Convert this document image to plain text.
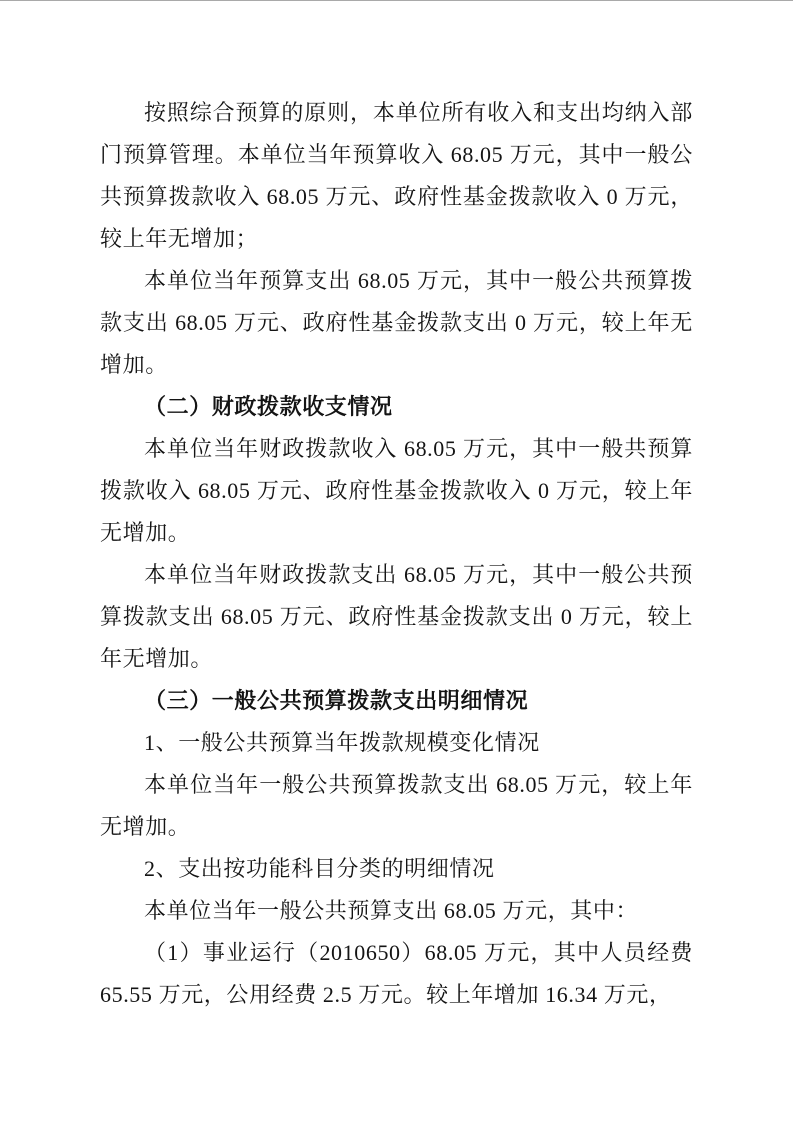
按照综合预算的原则，本单位所有收入和支出均纳入部门预算管理。本单位当年预算收入 68.05 万元，其中一般公共预算拨款收入 68.05 万元、政府性基金拨款收入 0 万元，较上年无增加；

本单位当年预算支出 68.05 万元，其中一般公共预算拨款支出 68.05 万元、政府性基金拨款支出 0 万元，较上年无增加。

（二）财政拨款收支情况

本单位当年财政拨款收入 68.05 万元，其中一般共预算拨款收入 68.05 万元、政府性基金拨款收入 0 万元，较上年无增加。

本单位当年财政拨款支出 68.05 万元，其中一般公共预算拨款支出 68.05 万元、政府性基金拨款支出 0 万元，较上年无增加。

（三）一般公共预算拨款支出明细情况

1、一般公共预算当年拨款规模变化情况

本单位当年一般公共预算拨款支出 68.05 万元，较上年无增加。

2、支出按功能科目分类的明细情况

本单位当年一般公共预算支出 68.05 万元，其中：

（1）事业运行（2010650）68.05 万元，其中人员经费 65.55 万元，公用经费 2.5 万元。较上年增加 16.34 万元，
